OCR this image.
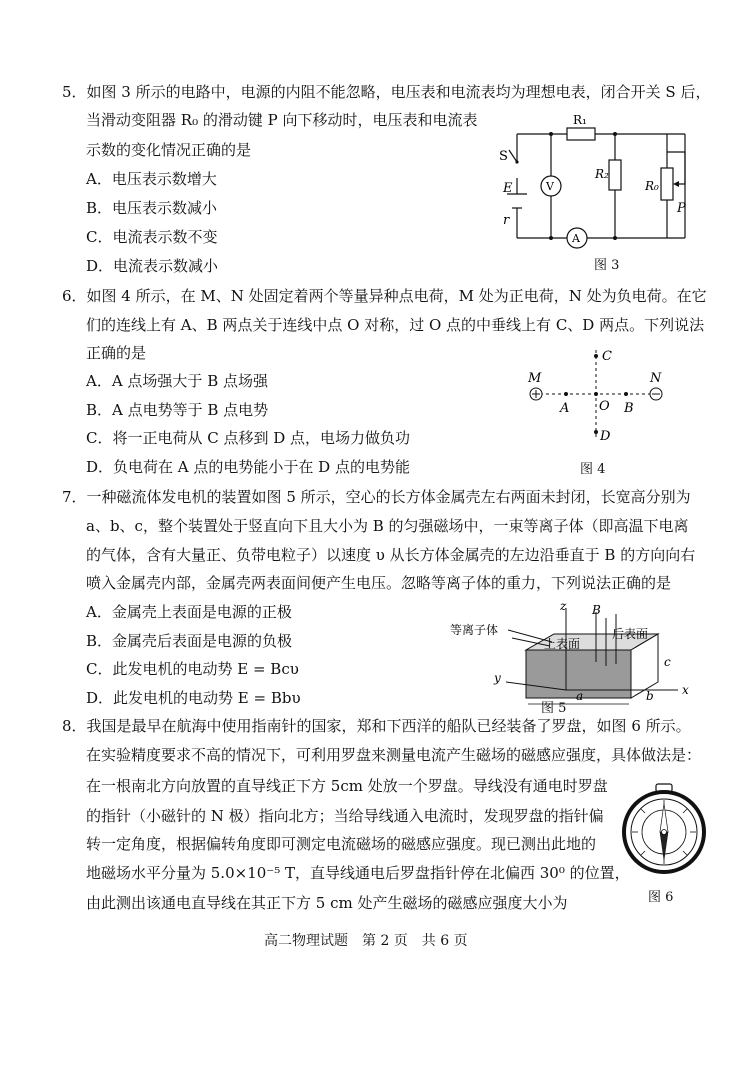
5．如图 3 所示的电路中，电源的内阻不能忽略，电压表和电流表均为理想电表，闭合开关 S 后，
当滑动变阻器 R₀ 的滑动键 P 向下移动时，电压表和电流表
示数的变化情况正确的是
A．电压表示数增大
B．电压表示数减小
C．电流表示数不变
D．电流表示数减小
R₁
R₂
R₀
S
E
r
P
V
A
图 3
6．如图 4 所示，在 M、N 处固定着两个等量异种点电荷，M 处为正电荷，N 处为负电荷。在它
们的连线上有 A、B 两点关于连线中点 O 对称，过 O 点的中垂线上有 C、D 两点。下列说法
正确的是
A．A 点场强大于 B 点场强
B．A 点电势等于 B 点电势
C．将一正电荷从 C 点移到 D 点，电场力做负功
D．负电荷在 A 点的电势能小于在 D 点的电势能
M	N
A	B
O
C
D
图 4
7．一种磁流体发电机的装置如图 5 所示，空心的长方体金属壳左右两面未封闭，长宽高分别为
a、b、c，整个装置处于竖直向下且大小为 B 的匀强磁场中，一束等离子体（即高温下电离
的气体，含有大量正、负带电粒子）以速度 υ 从长方体金属壳的左边沿垂直于 B 的方向向右
喷入金属壳内部，金属壳两表面间便产生电压。忽略等离子体的重力，下列说法正确的是
A．金属壳上表面是电源的正极
B．金属壳后表面是电源的负极
C．此发电机的电动势 E = Bcυ
D．此发电机的电动势 E = Bbυ
等离子体
上表面
后表面
B
z
x
y
a	b
c
图 5
8．我国是最早在航海中使用指南针的国家，郑和下西洋的船队已经装备了罗盘，如图 6 所示。
在实验精度要求不高的情况下，可利用罗盘来测量电流产生磁场的磁感应强度，具体做法是：
在一根南北方向放置的直导线正下方 5cm 处放一个罗盘。导线没有通电时罗盘
的指针（小磁针的 N 极）指向北方；当给导线通入电流时，发现罗盘的指针偏
转一定角度，根据偏转角度即可测定电流磁场的磁感应强度。现已测出此地的
地磁场水平分量为 5.0×10⁻⁵ T，直导线通电后罗盘指针停在北偏西 30⁰ 的位置，
由此测出该通电直导线在其正下方 5 cm 处产生磁场的磁感应强度大小为	图 6
高二物理试题　第 2 页　共 6 页
